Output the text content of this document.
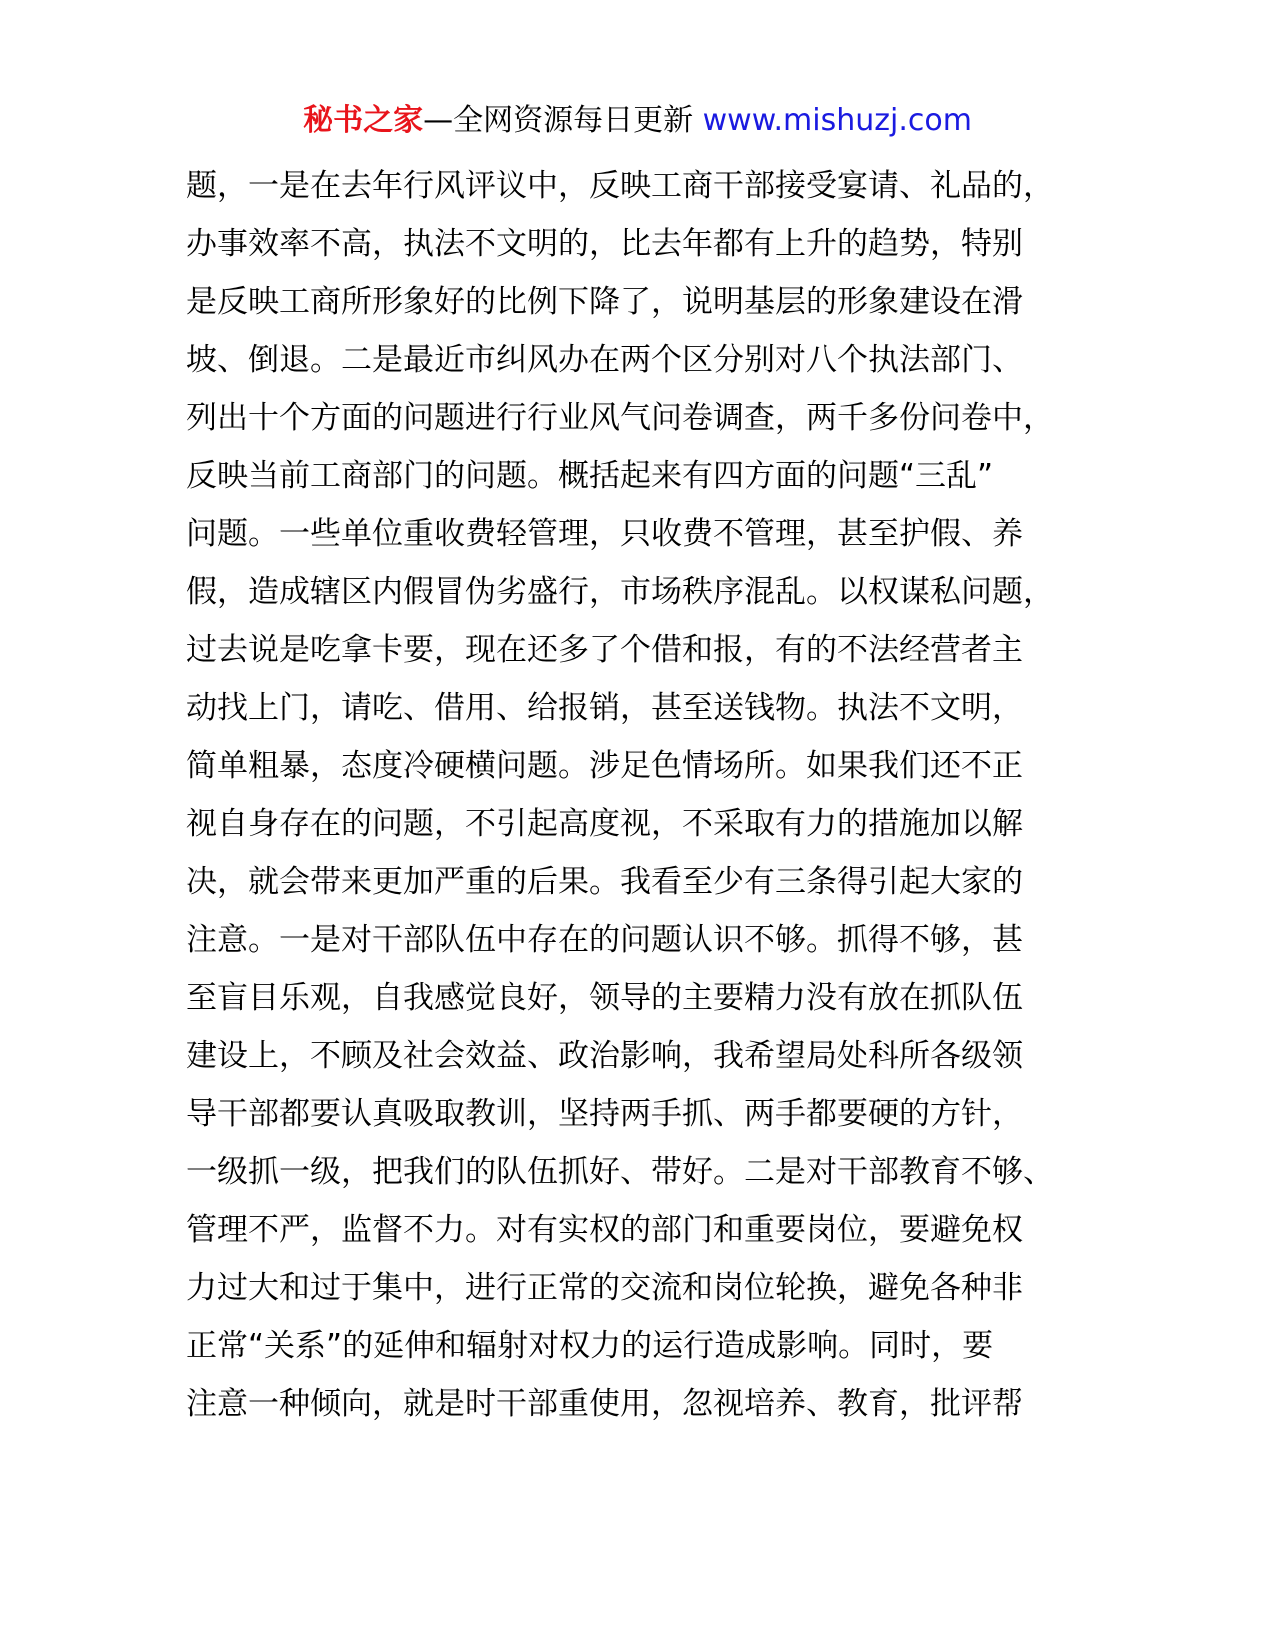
秘书之家—全网资源每日更新 www.mishuzj.com
题，一是在去年行风评议中，反映工商干部接受宴请、礼品的，
办事效率不高，执法不文明的，比去年都有上升的趋势，特别
是反映工商所形象好的比例下降了，说明基层的形象建设在滑
坡、倒退。二是最近市纠风办在两个区分别对八个执法部门、
列出十个方面的问题进行行业风气问卷调查，两千多份问卷中，
反映当前工商部门的问题。概括起来有四方面的问题“三乱”
问题。一些单位重收费轻管理，只收费不管理，甚至护假、养
假，造成辖区内假冒伪劣盛行，市场秩序混乱。以权谋私问题，
过去说是吃拿卡要，现在还多了个借和报，有的不法经营者主
动找上门，请吃、借用、给报销，甚至送钱物。执法不文明，
简单粗暴，态度冷硬横问题。涉足色情场所。如果我们还不正
视自身存在的问题，不引起高度视，不采取有力的措施加以解
决，就会带来更加严重的后果。我看至少有三条得引起大家的
注意。一是对干部队伍中存在的问题认识不够。抓得不够，甚
至盲目乐观，自我感觉良好，领导的主要精力没有放在抓队伍
建设上，不顾及社会效益、政治影响，我希望局处科所各级领
导干部都要认真吸取教训，坚持两手抓、两手都要硬的方针，
一级抓一级，把我们的队伍抓好、带好。二是对干部教育不够、
管理不严，监督不力。对有实权的部门和重要岗位，要避免权
力过大和过于集中，进行正常的交流和岗位轮换，避免各种非
正常“关系”的延伸和辐射对权力的运行造成影响。同时，要
注意一种倾向，就是时干部重使用，忽视培养、教育，批评帮
